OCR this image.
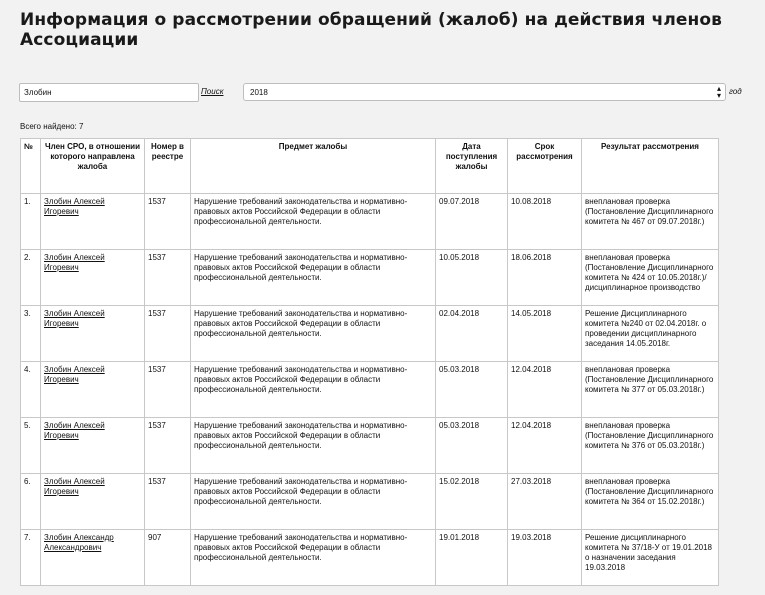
Информация о рассмотрении обращений (жалоб) на действия членов Ассоциации
Злобин
Поиск	2018	▴
▾ год
Всего найдено: 7
№	Член СРО, в отношении которого направлена жалоба	Номер в реестре	Предмет жалобы	Дата поступления жалобы	Срок рассмотрения	Результат рассмотрения
1.	Злобин Алексей Игоревич	1537	Нарушение требований законодательства и нормативно-правовых актов Российской Федерации в области профессиональной деятельности.	09.07.2018	10.08.2018	внеплановая проверка (Постановление Дисциплинарного комитета № 467 от 09.07.2018г.)
2.	Злобин Алексей Игоревич	1537	Нарушение требований законодательства и нормативно-правовых актов Российской Федерации в области профессиональной деятельности.	10.05.2018	18.06.2018	внеплановая проверка (Постановление Дисциплинарного комитета № 424 от 10.05.2018г.)/ дисциплинарное производство
3.	Злобин Алексей Игоревич	1537	Нарушение требований законодательства и нормативно-правовых актов Российской Федерации в области профессиональной деятельности.	02.04.2018	14.05.2018	Решение Дисциплинарного комитета №240 от 02.04.2018г. о проведении дисциплинарного заседания 14.05.2018г.
4.	Злобин Алексей Игоревич	1537	Нарушение требований законодательства и нормативно-правовых актов Российской Федерации в области профессиональной деятельности.	05.03.2018	12.04.2018	внеплановая проверка (Постановление Дисциплинарного комитета № 377 от 05.03.2018г.)
5.	Злобин Алексей Игоревич	1537	Нарушение требований законодательства и нормативно-правовых актов Российской Федерации в области профессиональной деятельности.	05.03.2018	12.04.2018	внеплановая проверка (Постановление Дисциплинарного комитета № 376 от 05.03.2018г.)
6.	Злобин Алексей Игоревич	1537	Нарушение требований законодательства и нормативно-правовых актов Российской Федерации в области профессиональной деятельности.	15.02.2018	27.03.2018	внеплановая проверка (Постановление Дисциплинарного комитета № 364 от 15.02.2018г.)
7.	Злобин Александр Александрович	907	Нарушение требований законодательства и нормативно-правовых актов Российской Федерации в области профессиональной деятельности.	19.01.2018	19.03.2018	Решение дисциплинарного комитета № 37/18-У от 19.01.2018 о назначении заседания 19.03.2018
